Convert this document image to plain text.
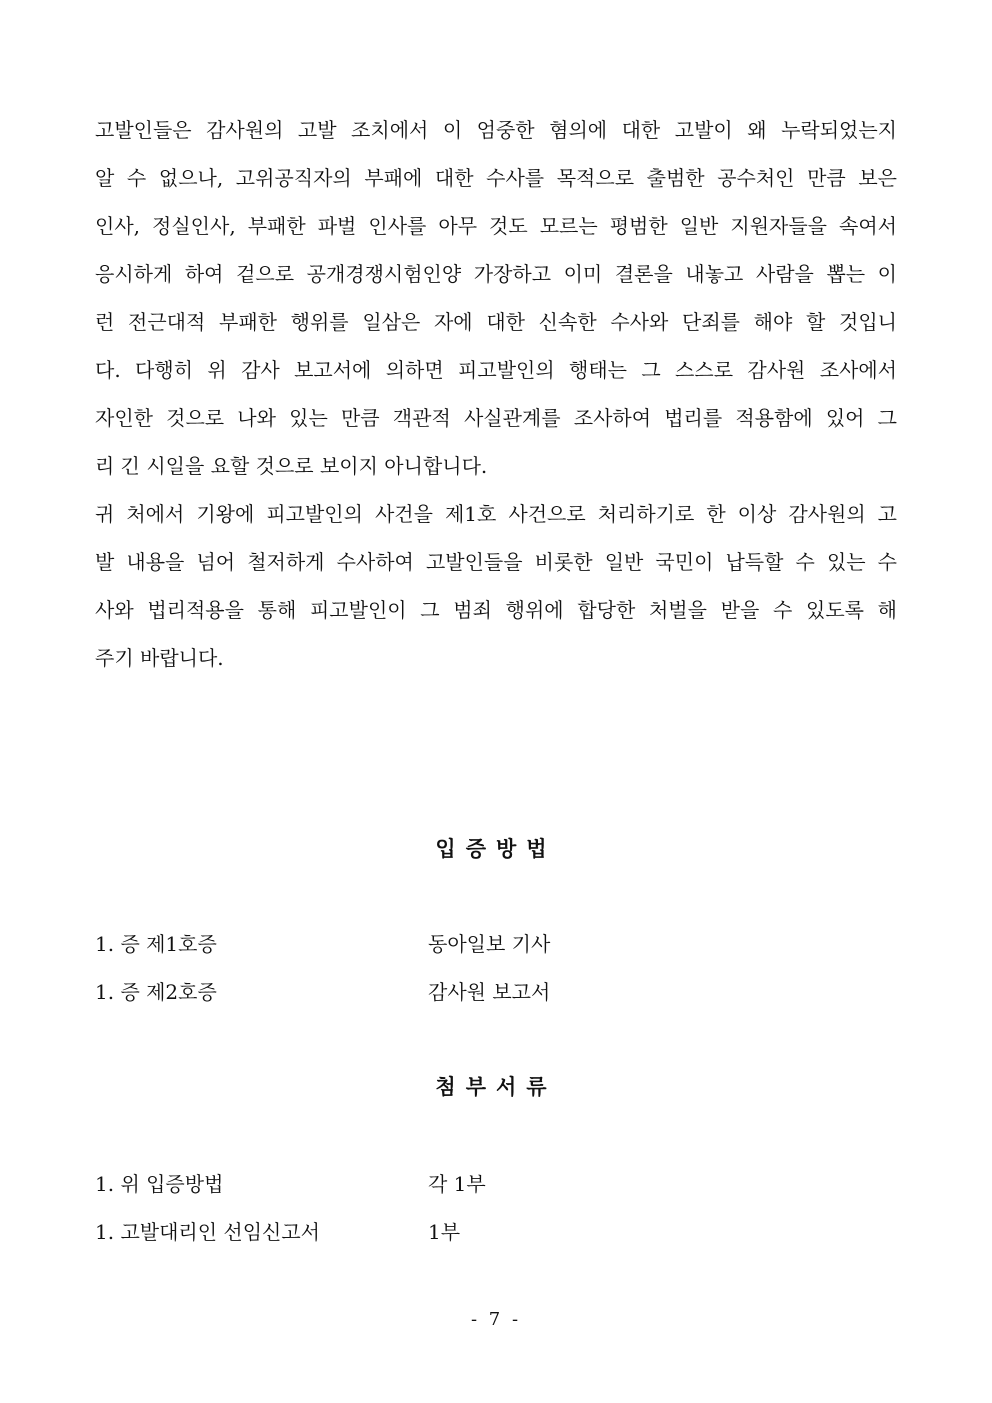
고발인들은 감사원의 고발 조치에서 이 엄중한 혐의에 대한 고발이 왜 누락되었는지
알 수 없으나, 고위공직자의 부패에 대한 수사를 목적으로 출범한 공수처인 만큼 보은
인사, 정실인사, 부패한 파벌 인사를 아무 것도 모르는 평범한 일반 지원자들을 속여서
응시하게 하여 겉으로 공개경쟁시험인양 가장하고 이미 결론을 내놓고 사람을 뽑는 이
런 전근대적 부패한 행위를 일삼은 자에 대한 신속한 수사와 단죄를 해야 할 것입니
다. 다행히 위 감사 보고서에 의하면 피고발인의 행태는 그 스스로 감사원 조사에서
자인한 것으로 나와 있는 만큼 객관적 사실관계를 조사하여 법리를 적용함에 있어 그
리 긴 시일을 요할 것으로 보이지 아니합니다.
귀 처에서 기왕에 피고발인의 사건을 제1호 사건으로 처리하기로 한 이상 감사원의 고
발 내용을 넘어 철저하게 수사하여 고발인들을 비롯한 일반 국민이 납득할 수 있는 수
사와 법리적용을 통해 피고발인이 그 범죄 행위에 합당한 처벌을 받을 수 있도록 해
주기 바랍니다.
입증방법
1. 증 제1호증	동아일보 기사
1. 증 제2호증	감사원 보고서
첨부서류
1. 위 입증방법	각 1부
1. 고발대리인 선임신고서	1부
- 7 -
